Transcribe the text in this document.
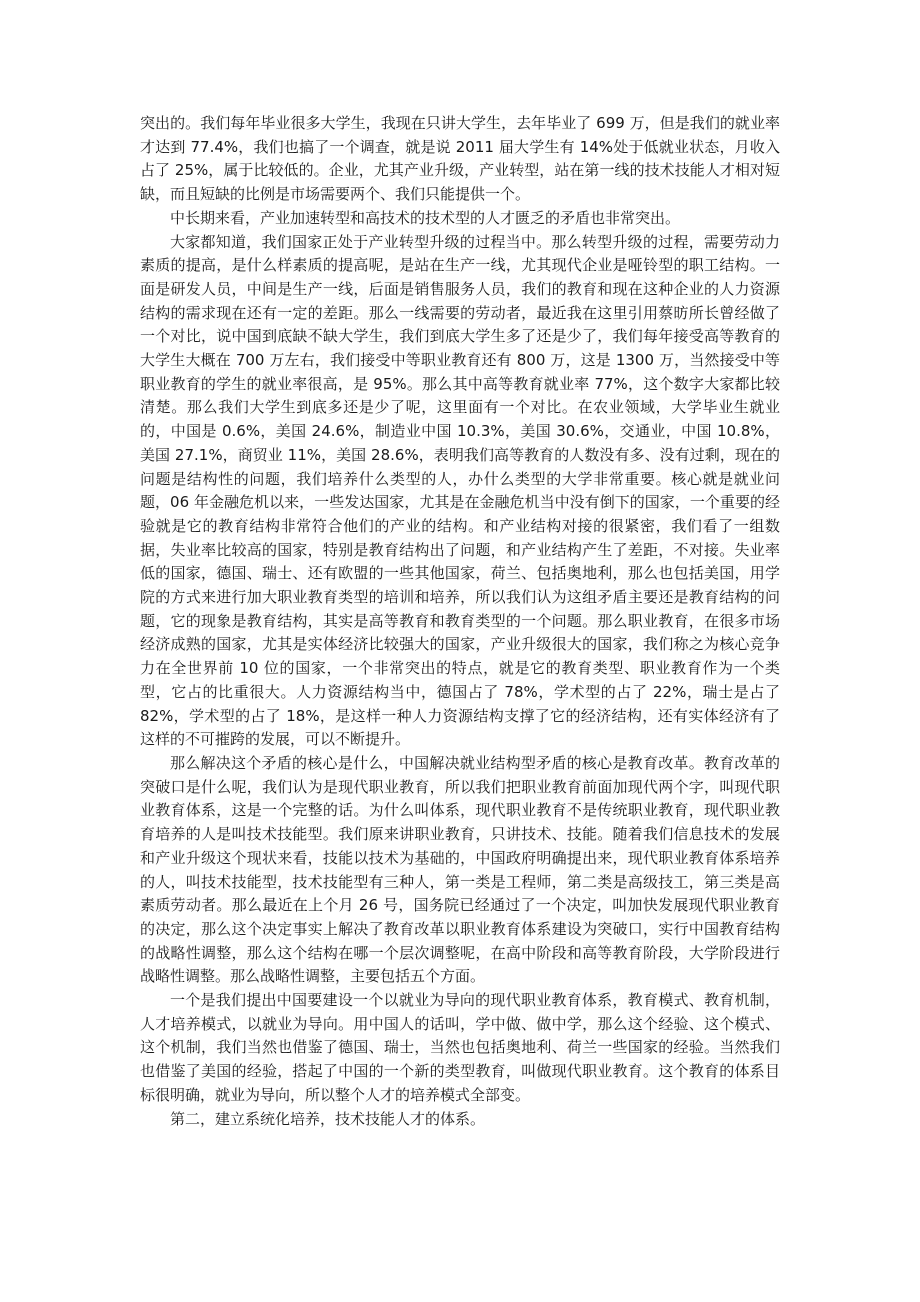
突出的。我们每年毕业很多大学生，我现在只讲大学生，去年毕业了 699 万，但是我们的就业率才达到 77.4%，我们也搞了一个调查，就是说 2011 届大学生有 14%处于低就业状态，月收入占了 25%，属于比较低的。企业，尤其产业升级，产业转型，站在第一线的技术技能人才相对短缺，而且短缺的比例是市场需要两个、我们只能提供一个。

中长期来看，产业加速转型和高技术的技术型的人才匮乏的矛盾也非常突出。

大家都知道，我们国家正处于产业转型升级的过程当中。那么转型升级的过程，需要劳动力素质的提高，是什么样素质的提高呢，是站在生产一线，尤其现代企业是哑铃型的职工结构。一面是研发人员，中间是生产一线，后面是销售服务人员，我们的教育和现在这种企业的人力资源结构的需求现在还有一定的差距。那么一线需要的劳动者，最近我在这里引用蔡昉所长曾经做了一个对比，说中国到底缺不缺大学生，我们到底大学生多了还是少了，我们每年接受高等教育的大学生大概在 700 万左右，我们接受中等职业教育还有 800 万，这是 1300 万，当然接受中等职业教育的学生的就业率很高，是 95%。那么其中高等教育就业率 77%，这个数字大家都比较清楚。那么我们大学生到底多还是少了呢，这里面有一个对比。在农业领域，大学毕业生就业的，中国是 0.6%，美国 24.6%，制造业中国 10.3%，美国 30.6%，交通业，中国 10.8%，美国 27.1%，商贸业 11%，美国 28.6%，表明我们高等教育的人数没有多、没有过剩，现在的问题是结构性的问题，我们培养什么类型的人，办什么类型的大学非常重要。核心就是就业问题，06 年金融危机以来，一些发达国家，尤其是在金融危机当中没有倒下的国家，一个重要的经验就是它的教育结构非常符合他们的产业的结构。和产业结构对接的很紧密，我们看了一组数据，失业率比较高的国家，特别是教育结构出了问题，和产业结构产生了差距，不对接。失业率低的国家，德国、瑞士、还有欧盟的一些其他国家，荷兰、包括奥地利，那么也包括美国，用学院的方式来进行加大职业教育类型的培训和培养，所以我们认为这组矛盾主要还是教育结构的问题，它的现象是教育结构，其实是高等教育和教育类型的一个问题。那么职业教育，在很多市场经济成熟的国家，尤其是实体经济比较强大的国家，产业升级很大的国家，我们称之为核心竞争力在全世界前 10 位的国家，一个非常突出的特点，就是它的教育类型、职业教育作为一个类型，它占的比重很大。人力资源结构当中，德国占了 78%，学术型的占了 22%，瑞士是占了 82%，学术型的占了 18%，是这样一种人力资源结构支撑了它的经济结构，还有实体经济有了这样的不可摧跨的发展，可以不断提升。

那么解决这个矛盾的核心是什么，中国解决就业结构型矛盾的核心是教育改革。教育改革的突破口是什么呢，我们认为是现代职业教育，所以我们把职业教育前面加现代两个字，叫现代职业教育体系，这是一个完整的话。为什么叫体系，现代职业教育不是传统职业教育，现代职业教育培养的人是叫技术技能型。我们原来讲职业教育，只讲技术、技能。随着我们信息技术的发展和产业升级这个现状来看，技能以技术为基础的，中国政府明确提出来，现代职业教育体系培养的人，叫技术技能型，技术技能型有三种人，第一类是工程师，第二类是高级技工，第三类是高素质劳动者。那么最近在上个月 26 号，国务院已经通过了一个决定，叫加快发展现代职业教育的决定，那么这个决定事实上解决了教育改革以职业教育体系建设为突破口，实行中国教育结构的战略性调整，那么这个结构在哪一个层次调整呢，在高中阶段和高等教育阶段，大学阶段进行战略性调整。那么战略性调整，主要包括五个方面。

一个是我们提出中国要建设一个以就业为导向的现代职业教育体系，教育模式、教育机制，人才培养模式，以就业为导向。用中国人的话叫，学中做、做中学，那么这个经验、这个模式、这个机制，我们当然也借鉴了德国、瑞士，当然也包括奥地利、荷兰一些国家的经验。当然我们也借鉴了美国的经验，搭起了中国的一个新的类型教育，叫做现代职业教育。这个教育的体系目标很明确，就业为导向，所以整个人才的培养模式全部变。

第二，建立系统化培养，技术技能人才的体系。
